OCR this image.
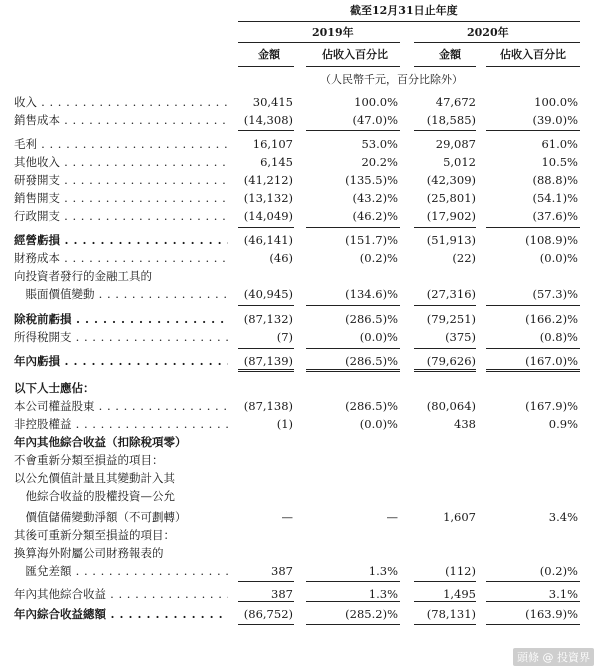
截至12月31日止年度
2019年	2020年
金額	佔收入百分比	金額	佔收入百分比
（人民幣千元，百分比除外）
收入 . . .	30,415	100.0%	47,672	100.0%
銷售成本 . . .	(14,308)	(47.0)%	(18,585)	(39.0)%
毛利 . . .	16,107	53.0%	29,087	61.0%
其他收入 . . .	6,145	20.2%	5,012	10.5%
研發開支 . . .	(41,212)	(135.5)%	(42,309)	(88.8)%
銷售開支 . . .	(13,132)	(43.2)%	(25,801)	(54.1)%
行政開支 . . .	(14,049)	(46.2)%	(17,902)	(37.6)%
經營虧損 . . .	(46,141)	(151.7)%	(51,913)	(108.9)%
財務成本 . . .	(46)	(0.2)%	(22)	(0.0)%
向投資者發行的金融工具的
　賬面價值變動 . . .	(40,945)	(134.6)%	(27,316)	(57.3)%
除稅前虧損 . . .	(87,132)	(286.5)%	(79,251)	(166.2)%
所得稅開支 . . .	(7)	(0.0)%	(375)	(0.8)%
年內虧損 . . .	(87,139)	(286.5)%	(79,626)	(167.0)%
以下人士應佔：
本公司權益股東 . . .	(87,138)	(286.5)%	(80,064)	(167.9)%
非控股權益 . . .	(1)	(0.0)%	438	0.9%
年內其他綜合收益（扣除稅項零）
不會重新分類至損益的項目：
以公允價值計量且其變動計入其
　他綜合收益的股權投資—公允
　價值儲備變動淨額（不可劃轉）	—	—	1,607	3.4%
其後可重新分類至損益的項目：
換算海外附屬公司財務報表的
　匯兌差額 . . .	387	1.3%	(112)	(0.2)%
年內其他綜合收益 . . .	387	1.3%	1,495	3.1%
年內綜合收益總額 . . .	(86,752)	(285.2)%	(78,131)	(163.9)%
頭條 @ 投資界
